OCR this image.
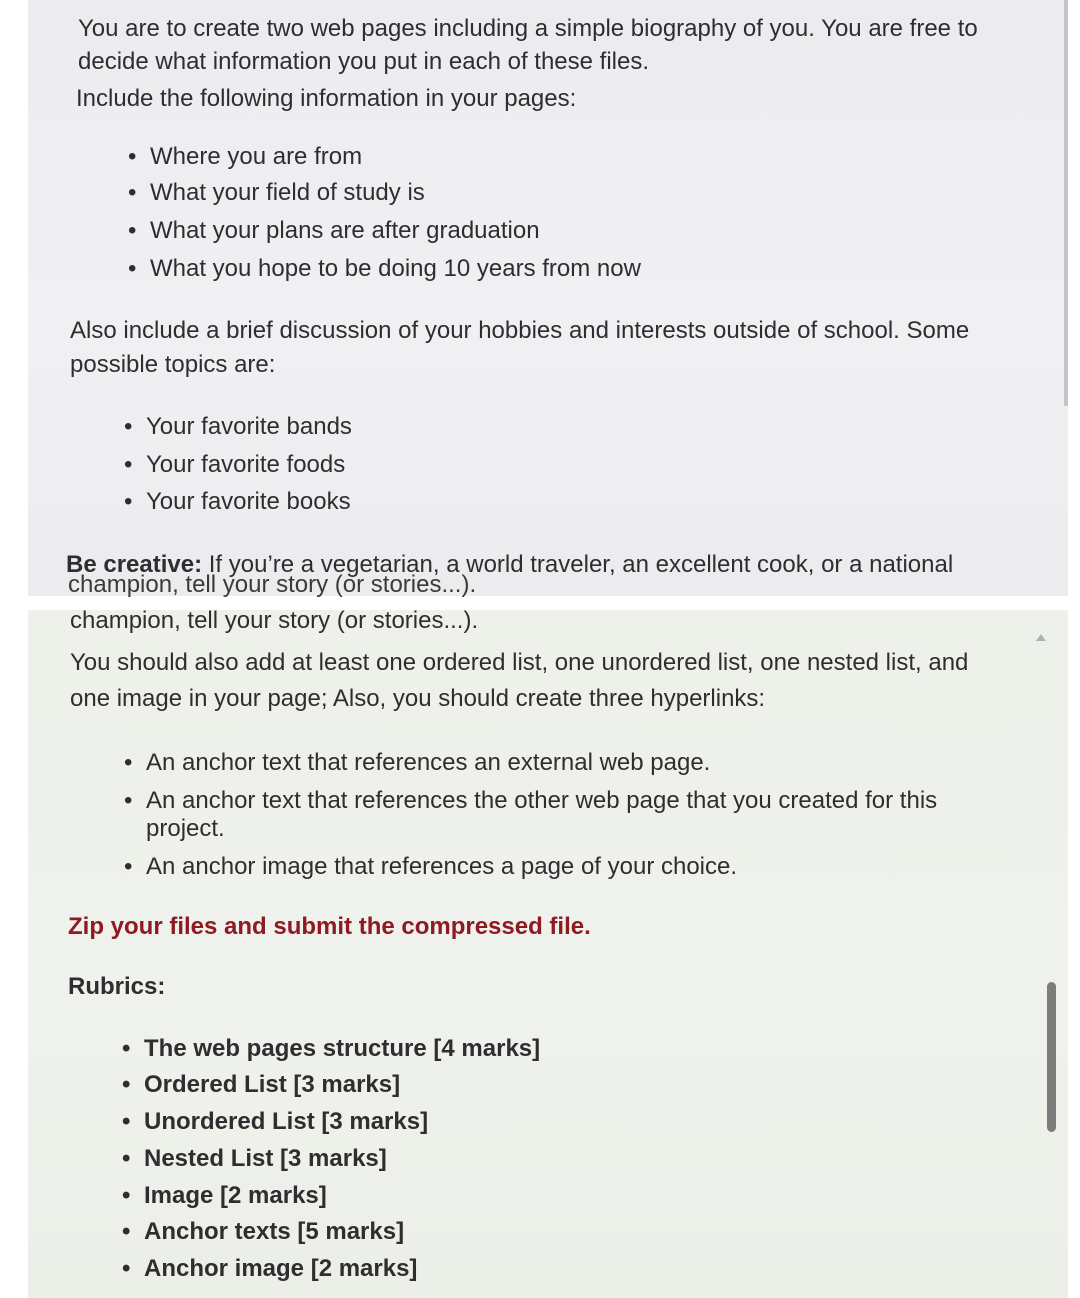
You are to create two web pages including a simple biography of you. You are free to
decide what information you put in each of these files.
Include the following information in your pages:
• Where you are from
• What your field of study is
• What your plans are after graduation
• What you hope to be doing 10 years from now
Also include a brief discussion of your hobbies and interests outside of school. Some
possible topics are:
• Your favorite bands
• Your favorite foods
• Your favorite books
Be creative: If you’re a vegetarian, a world traveler, an excellent cook, or a national
champion, tell your story (or stories...).
champion, tell your story (or stories...).
You should also add at least one ordered list, one unordered list, one nested list, and
one image in your page; Also, you should create three hyperlinks:
• An anchor text that references an external web page.
• An anchor text that references the other web page that you created for this
project.
• An anchor image that references a page of your choice.
Zip your files and submit the compressed file.
Rubrics:
• The web pages structure [4 marks]
• Ordered List [3 marks]
• Unordered List [3 marks]
• Nested List [3 marks]
• Image [2 marks]
• Anchor texts [5 marks]
• Anchor image [2 marks]
